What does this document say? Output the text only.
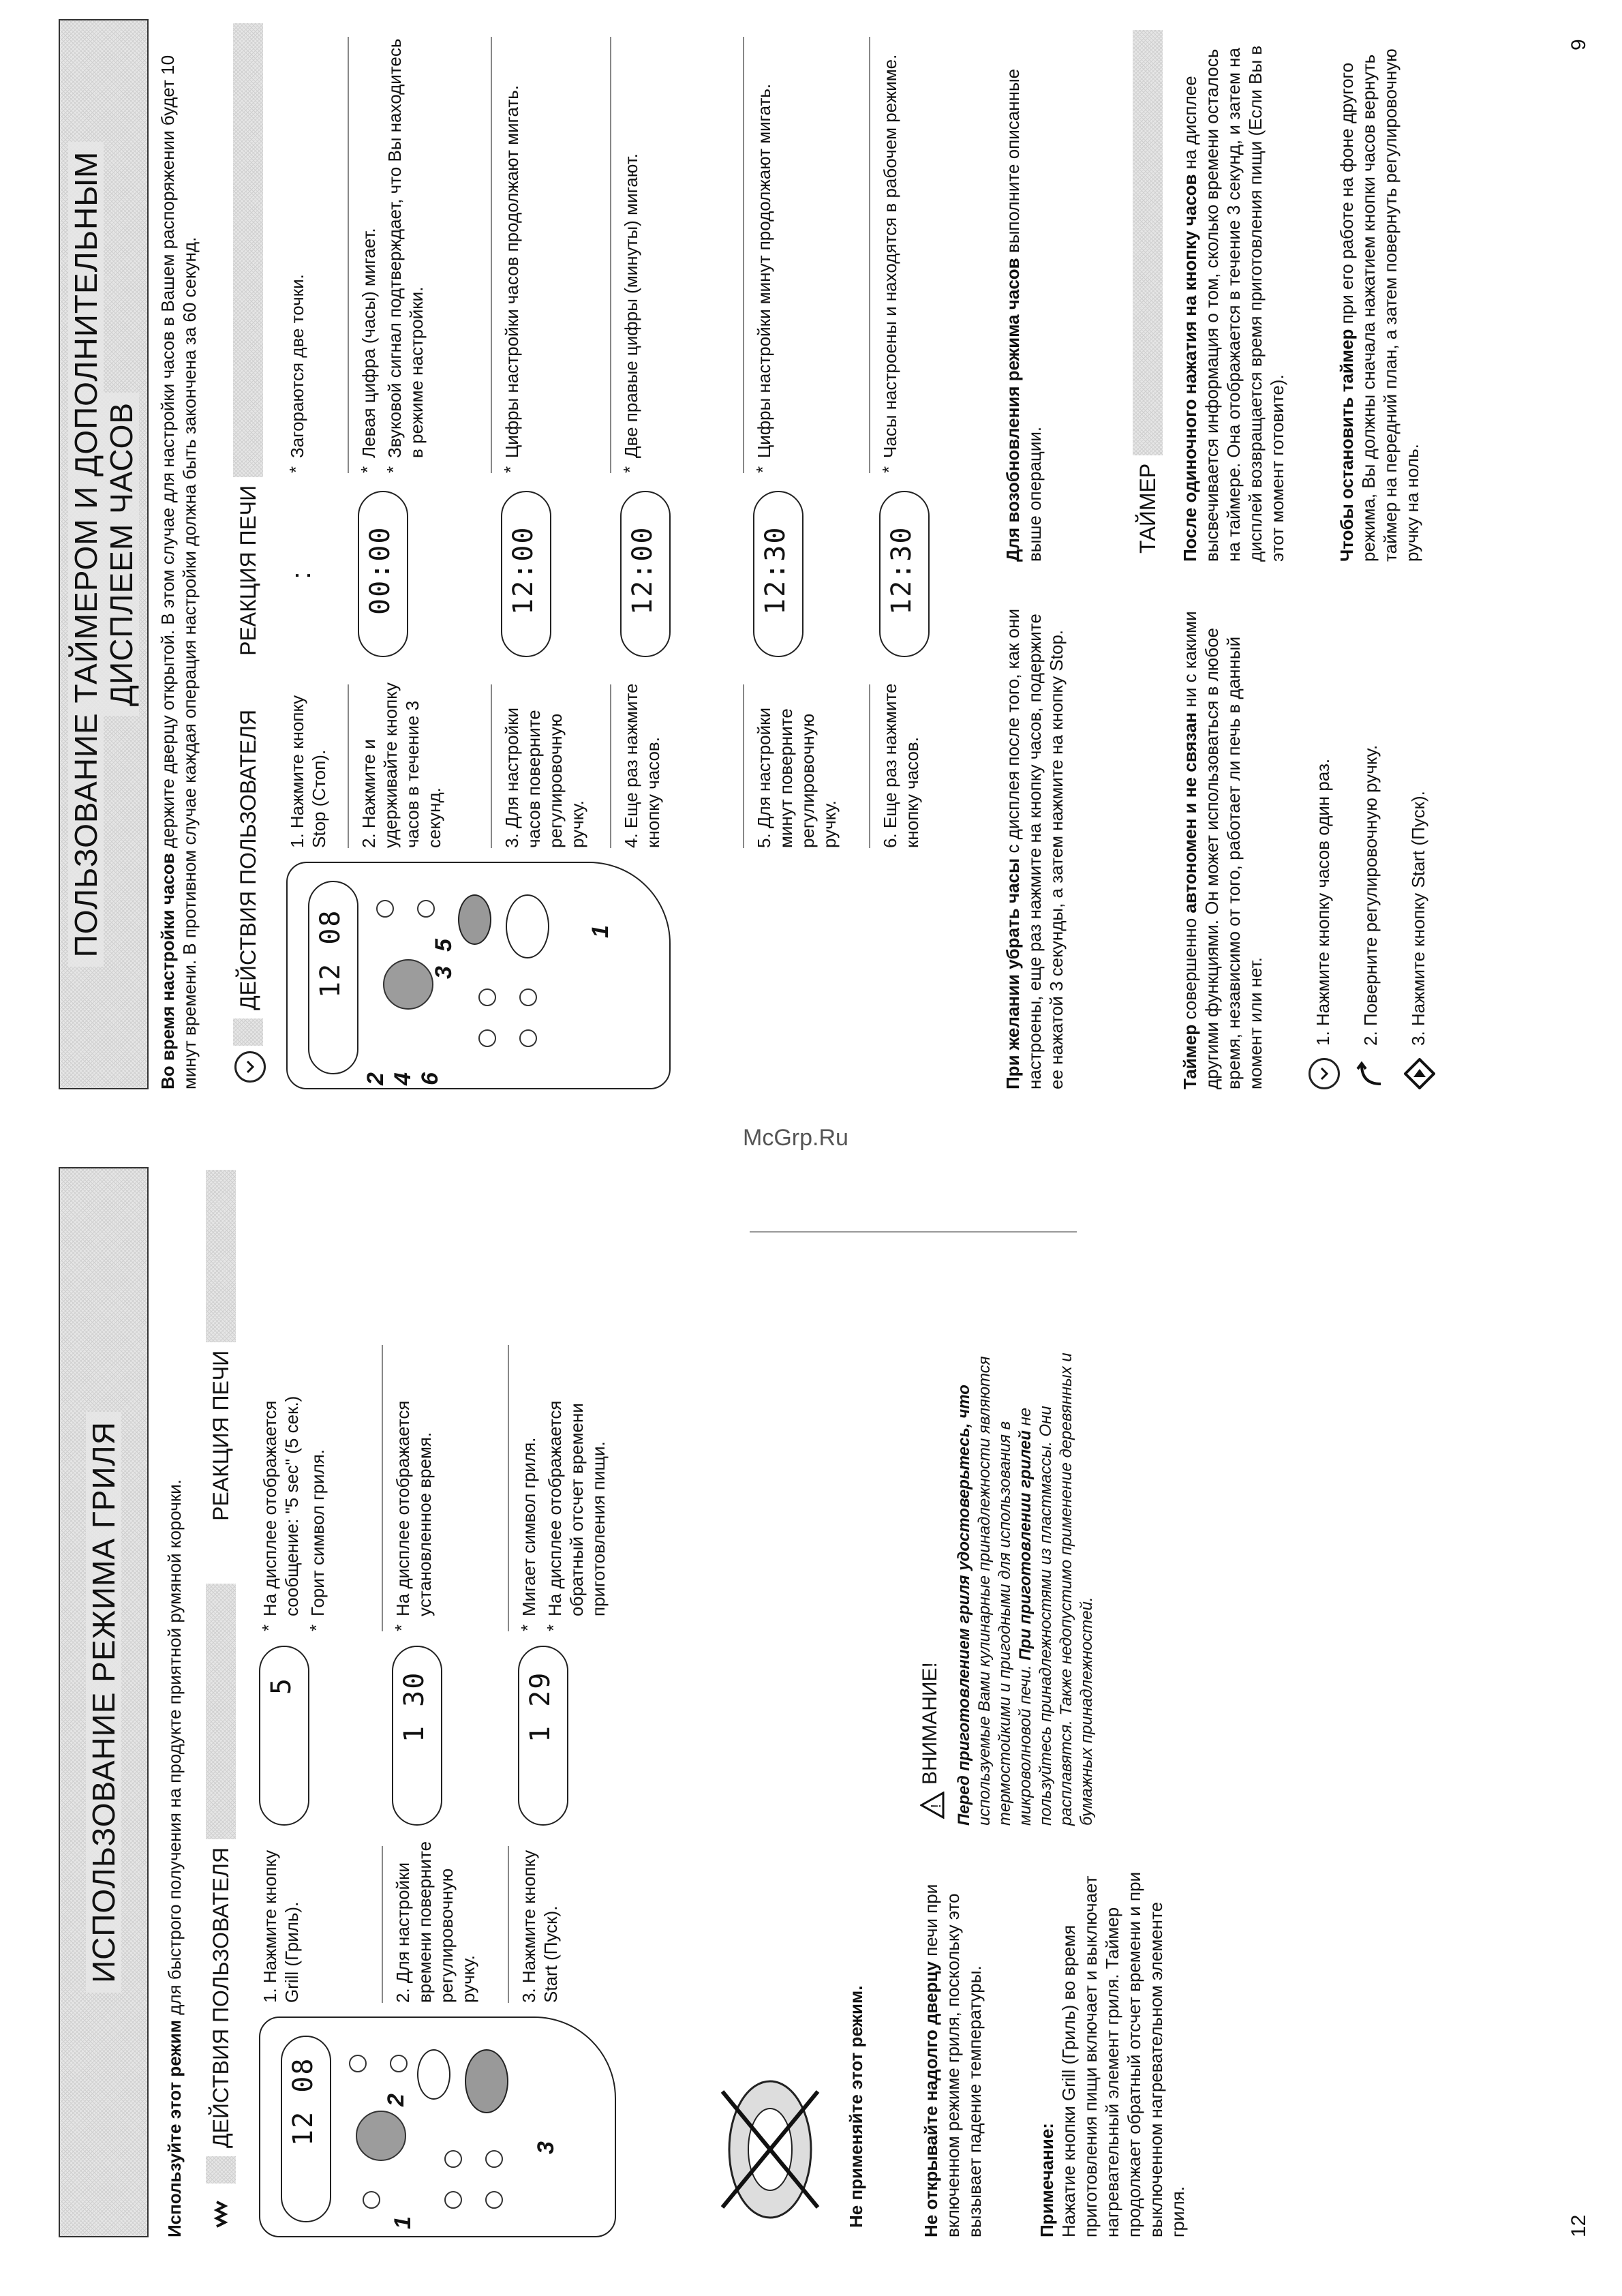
ИСПОЛЬЗОВАНИЕ РЕЖИМА ГРИЛЯ
Используйте этот режим для быстрого получения на продукте приятной румяной корочки. ДЕЙСТВИЯ ПОЛЬЗОВАТЕЛЯ
РЕАКЦИЯ ПЕЧИ
12 08
1
2
3
1. Нажмите кнопку Grill (Гриль).
5
* На дисплее отображается сообщение: "5 sec" (5 сек.) * Горит символ гриля.
2. Для настройки времени поверните регулировочную ручку.
1 30
* На дисплее отображается установленное время.
3. Нажмите кнопку Start (Пуск).
1 29
* Мигает символ гриля. * На дисплее отображается обратный отсчет времени приготовления пищи.
Не применяйте этот режим.	Не открывайте надолго дверцу печи при включенном режиме гриля, поскольку это вызывает падение температуры.	Примечание:
Нажатие кнопки Grill (Гриль) во время приготовления пищи включает и выключает нагревательный элемент гриля. Таймер продолжает обратный отсчет времени и при выключенном нагревательном элементе гриля.
!
ВНИМАНИЕ! Перед приготовлением гриля удостоверьтесь, что используемые Вами кулинарные принадлежности являются термостойкими и пригодными для использования в микроволновой печи. При приготовлении грилей не пользуйтесь принадлежностями из пластмассы. Они расплавятся. Также недопустимо применение деревянных и бумажных принадлежностей.
12
ПОЛЬЗОВАНИЕ ТАЙМЕРОМ И ДОПОЛНИТЕЛЬНЫМ ДИСПЛЕЕМ ЧАСОВ
Во время настройки часов держите дверцу открытой. В этом случае для настройки часов в Вашем распоряжении будет 10 минут времени. В противном случае каждая операция настройки должна быть закончена за 60 секунд. ДЕЙСТВИЯ ПОЛЬЗОВАТЕЛЯ
РЕАКЦИЯ ПЕЧИ
12 08
2 4 6
3
5
1
1. Нажмите кнопку Stop (Стоп).
:
* Загораются две точки.
2. Нажмите и удерживайте кнопку часов в течение 3 секунд.
00:00
* Левая цифра (часы) мигает. * Звуковой сигнал подтверждает, что Вы находитесь в режиме настройки.
3. Для настройки часов поверните регулировочную ручку.
12:00
* Цифры настройки часов продолжают мигать.
4. Еще раз нажмите кнопку часов.
12:00
* Две правые цифры (минуты) мигают.
5. Для настройки минут поверните регулировочную ручку.
12:30
* Цифры настройки минут продолжают мигать.
6. Еще раз нажмите кнопку часов.
12:30
* Часы настроены и находятся в рабочем режиме.
При желании убрать часы с дисплея после того, как они настроены, еще раз нажмите на кнопку часов, подержите ее нажатой 3 секунды, а затем нажмите на кнопку Stop.
Для возобновления режима часов выполните описанные выше операции.	ТАЙМЕР
Таймер совершенно автономен и не связан ни с какими другими функциями. Он может использоваться в любое время, независимо от того, работает ли печь в данный момент или нет.	1. Нажмите кнопку часов один раз. 2. Поверните регулировочную ручку. 3. Нажмите кнопку Start (Пуск).
После одиночного нажатия на кнопку часов на дисплее высвечивается информация о том, сколько времени осталось на таймере. Она отображается в течение 3 секунд, и затем на дисплей возвращается время приготовления пищи (Если Вы в этот момент готовите).	Чтобы остановить таймер при его работе на фоне другого режима, Вы должны сначала нажатием кнопки часов вернуть таймер на передний план, а затем повернуть регулировочную ручку на ноль.
9
McGrp.Ru
